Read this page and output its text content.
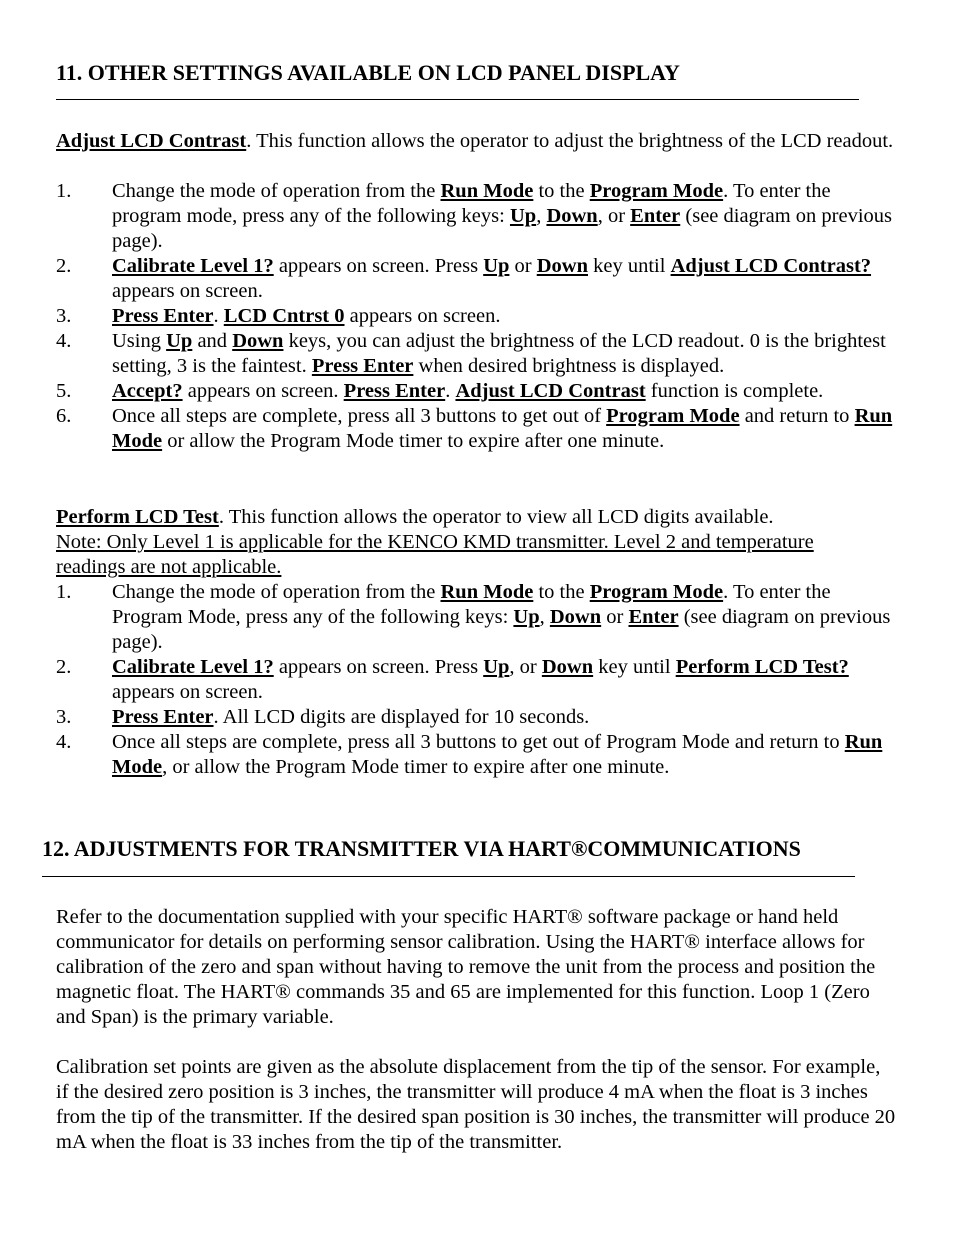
11. OTHER SETTINGS AVAILABLE ON LCD PANEL DISPLAY

Adjust LCD Contrast. This function allows the operator to adjust the brightness of the LCD readout.

1. Change the mode of operation from the Run Mode to the Program Mode. To enter the program mode, press any of the following keys: Up, Down, or Enter (see diagram on previous page).
2. Calibrate Level 1? appears on screen. Press Up or Down key until Adjust LCD Contrast? appears on screen.
3. Press Enter. LCD Cntrst 0 appears on screen.
4. Using Up and Down keys, you can adjust the brightness of the LCD readout. 0 is the brightest setting, 3 is the faintest. Press Enter when desired brightness is displayed.
5. Accept? appears on screen. Press Enter. Adjust LCD Contrast function is complete.
6. Once all steps are complete, press all 3 buttons to get out of Program Mode and return to Run Mode or allow the Program Mode timer to expire after one minute.

Perform LCD Test. This function allows the operator to view all LCD digits available.

Note: Only Level 1 is applicable for the KENCO KMD transmitter. Level 2 and temperature readings are not applicable.

1. Change the mode of operation from the Run Mode to the Program Mode. To enter the Program Mode, press any of the following keys: Up, Down or Enter (see diagram on previous page).
2. Calibrate Level 1? appears on screen. Press Up, or Down key until Perform LCD Test? appears on screen.
3. Press Enter. All LCD digits are displayed for 10 seconds.
4. Once all steps are complete, press all 3 buttons to get out of Program Mode and return to Run Mode, or allow the Program Mode timer to expire after one minute.
12. ADJUSTMENTS FOR TRANSMITTER VIA HART®COMMUNICATIONS

Refer to the documentation supplied with your specific HART® software package or hand held communicator for details on performing sensor calibration. Using the HART® interface allows for calibration of the zero and span without having to remove the unit from the process and position the magnetic float. The HART® commands 35 and 65 are implemented for this function. Loop 1 (Zero and Span) is the primary variable.

Calibration set points are given as the absolute displacement from the tip of the sensor. For example, if the desired zero position is 3 inches, the transmitter will produce 4 mA when the float is 3 inches from the tip of the transmitter. If the desired span position is 30 inches, the transmitter will produce 20 mA when the float is 33 inches from the tip of the transmitter.
